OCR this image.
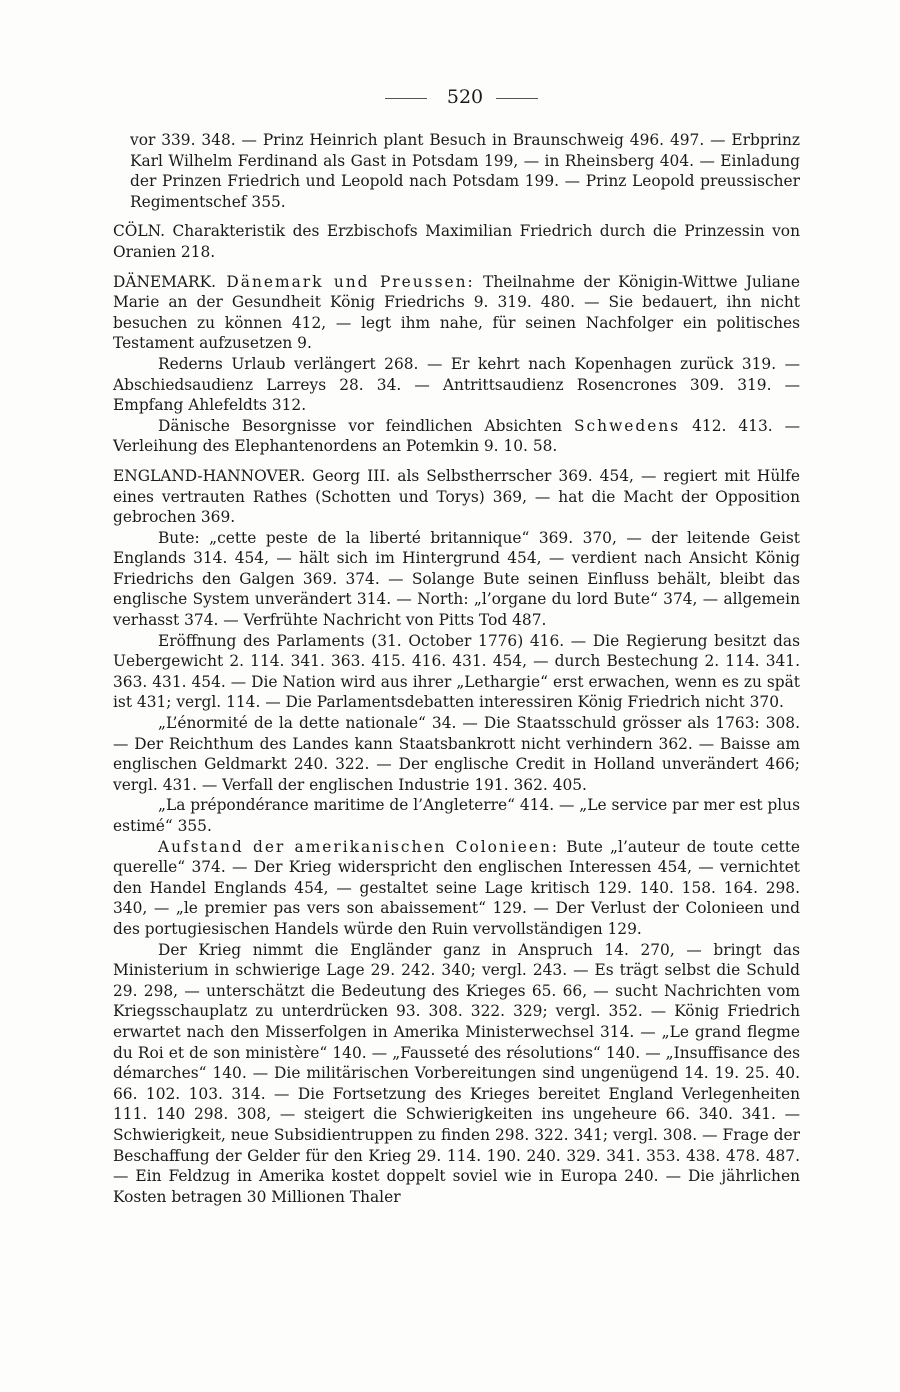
520

vor 339. 348. — Prinz Heinrich plant Besuch in Braunschweig 496. 497. — Erbprinz Karl Wilhelm Ferdinand als Gast in Potsdam 199, — in Rheinsberg 404. — Einladung der Prinzen Friedrich und Leopold nach Potsdam 199. — Prinz Leopold preussischer Regimentschef 355.

CÖLN. Charakteristik des Erzbischofs Maximilian Friedrich durch die Prinzessin von Oranien 218.

DÄNEMARK. Dänemark und Preussen: Theilnahme der Königin-Wittwe Juliane Marie an der Gesundheit König Friedrichs 9. 319. 480. — Sie bedauert, ihn nicht besuchen zu können 412, — legt ihm nahe, für seinen Nachfolger ein politisches Testament aufzusetzen 9.

Rederns Urlaub verlängert 268. — Er kehrt nach Kopenhagen zurück 319. — Abschiedsaudienz Larreys 28. 34. — Antrittsaudienz Rosencrones 309. 319. — Empfang Ahlefeldts 312.

Dänische Besorgnisse vor feindlichen Absichten Schwedens 412. 413. — Verleihung des Elephantenordens an Potemkin 9. 10. 58.

ENGLAND-HANNOVER. Georg III. als Selbstherrscher 369. 454, — regiert mit Hülfe eines vertrauten Rathes (Schotten und Torys) 369, — hat die Macht der Opposition gebrochen 369.

Bute: „cette peste de la liberté britannique“ 369. 370, — der leitende Geist Englands 314. 454, — hält sich im Hintergrund 454, — verdient nach Ansicht König Friedrichs den Galgen 369. 374. — Solange Bute seinen Einfluss behält, bleibt das englische System unverändert 314. — North: „l’organe du lord Bute“ 374, — allgemein verhasst 374. — Verfrühte Nachricht von Pitts Tod 487.

Eröffnung des Parlaments (31. October 1776) 416. — Die Regierung besitzt das Uebergewicht 2. 114. 341. 363. 415. 416. 431. 454, — durch Bestechung 2. 114. 341. 363. 431. 454. — Die Nation wird aus ihrer „Lethargie“ erst erwachen, wenn es zu spät ist 431; vergl. 114. — Die Parlamentsdebatten interessiren König Friedrich nicht 370.

„L’énormité de la dette nationale“ 34. — Die Staatsschuld grösser als 1763: 308. — Der Reichthum des Landes kann Staatsbankrott nicht verhindern 362. — Baisse am englischen Geldmarkt 240. 322. — Der englische Credit in Holland unverändert 466; vergl. 431. — Verfall der englischen Industrie 191. 362. 405.

„La prépondérance maritime de l’Angleterre“ 414. — „Le service par mer est plus estimé“ 355.

Aufstand der amerikanischen Colonieen: Bute „l’auteur de toute cette querelle“ 374. — Der Krieg widerspricht den englischen Interessen 454, — vernichtet den Handel Englands 454, — gestaltet seine Lage kritisch 129. 140. 158. 164. 298. 340, — „le premier pas vers son abaissement“ 129. — Der Verlust der Colonieen und des portugiesischen Handels würde den Ruin vervollständigen 129.

Der Krieg nimmt die Engländer ganz in Anspruch 14. 270, — bringt das Ministerium in schwierige Lage 29. 242. 340; vergl. 243. — Es trägt selbst die Schuld 29. 298, — unterschätzt die Bedeutung des Krieges 65. 66, — sucht Nachrichten vom Kriegsschauplatz zu unterdrücken 93. 308. 322. 329; vergl. 352. — König Friedrich erwartet nach den Misserfolgen in Amerika Ministerwechsel 314. — „Le grand flegme du Roi et de son ministère“ 140. — „Fausseté des résolutions“ 140. — „Insuffisance des démarches“ 140. — Die militärischen Vorbereitungen sind ungenügend 14. 19. 25. 40. 66. 102. 103. 314. — Die Fortsetzung des Krieges bereitet England Verlegenheiten 111. 140 298. 308, — steigert die Schwierigkeiten ins ungeheure 66. 340. 341. — Schwierigkeit, neue Subsidientruppen zu finden 298. 322. 341; vergl. 308. — Frage der Beschaffung der Gelder für den Krieg 29. 114. 190. 240. 329. 341. 353. 438. 478. 487. — Ein Feldzug in Amerika kostet doppelt soviel wie in Europa 240. — Die jährlichen Kosten betragen 30 Millionen Thaler
